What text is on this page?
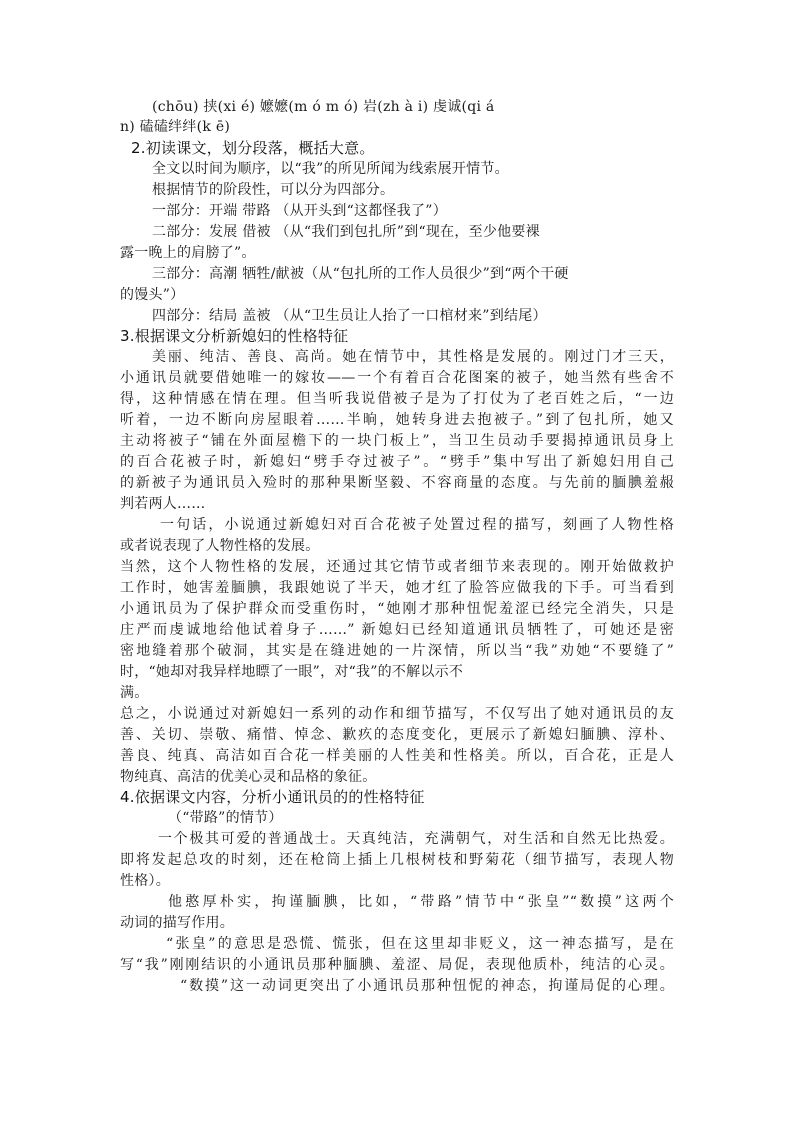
(chōu) 挟(xi é) 嬷嬷(m ó m ó) 岩(zh à i) 虔诚(qi á
n) 磕磕绊绊(k ē)
2.初读课文，划分段落，概括大意。
全文以时间为顺序，以“我”的所见所闻为线索展开情节。
根据情节的阶段性，可以分为四部分。
一部分：开端 带路 （从开头到“这都怪我了”）
二部分：发展 借被 （从“我们到包扎所”到“现在，至少他要裸
露一晚上的肩膀了”。
三部分：高潮 牺牲/献被（从“包扎所的工作人员很少”到“两个干硬
的馒头”）
四部分：结局 盖被 （从“卫生员让人抬了一口棺材来”到结尾）
3.根据课文分析新媳妇的性格特征
美丽、纯洁、善良、高尚。她在情节中，其性格是发展的。刚过门才三天，
小通讯员就要借她唯一的嫁妆——一个有着百合花图案的被子，她当然有些舍不
得，这种情感在情在理。但当听我说借被子是为了打仗为了老百姓之后，“一边
听着，一边不断向房屋眼着……半晌，她转身进去抱被子。”到了包扎所，她又
主动将被子“铺在外面屋檐下的一块门板上”，当卫生员动手要揭掉通讯员身上
的百合花被子时，新媳妇“劈手夺过被子”。“劈手”集中写出了新媳妇用自己
的新被子为通讯员入殓时的那种果断坚毅、不容商量的态度。与先前的腼腆羞赧
判若两人……
一句话，小说通过新媳妇对百合花被子处置过程的描写，刻画了人物性格
或者说表现了人物性格的发展。
当然，这个人物性格的发展，还通过其它情节或者细节来表现的。刚开始做救护
工作时，她害羞腼腆，我跟她说了半天，她才红了脸答应做我的下手。可当看到
小通讯员为了保护群众而受重伤时，“她刚才那种忸怩羞涩已经完全消失，只是
庄严而虔诚地给他试着身子……” 新媳妇已经知道通讯员牺牲了，可她还是密
密地缝着那个破洞，其实是在缝进她的一片深情，所以当“我”劝她“不要缝了”
时，“她却对我异样地瞟了一眼”，对“我”的不解以示不
满。
总之，小说通过对新媳妇一系列的动作和细节描写，不仅写出了她对通讯员的友
善、关切、崇敬、痛惜、悼念、歉疚的态度变化，更展示了新媳妇腼腆、淳朴、
善良、纯真、高洁如百合花一样美丽的人性美和性格美。所以，百合花，正是人
物纯真、高洁的优美心灵和品格的象征。
4.依据课文内容，分析小通讯员的的性格特征
（“带路”的情节）
一个极其可爱的普通战士。天真纯洁，充满朝气，对生活和自然无比热爱。
即将发起总攻的时刻，还在枪筒上插上几根树枝和野菊花（细节描写，表现人物
性格）。
他憨厚朴实，拘谨腼腆，比如，“带路”情节中“张皇”“数摸”这两个
动词的描写作用。
“张皇”的意思是恐慌、慌张，但在这里却非贬义，这一神态描写，是在
写“我”刚刚结识的小通讯员那种腼腆、羞涩、局促，表现他质朴，纯洁的心灵。
“数摸”这一动词更突出了小通讯员那种忸怩的神态，拘谨局促的心理。
